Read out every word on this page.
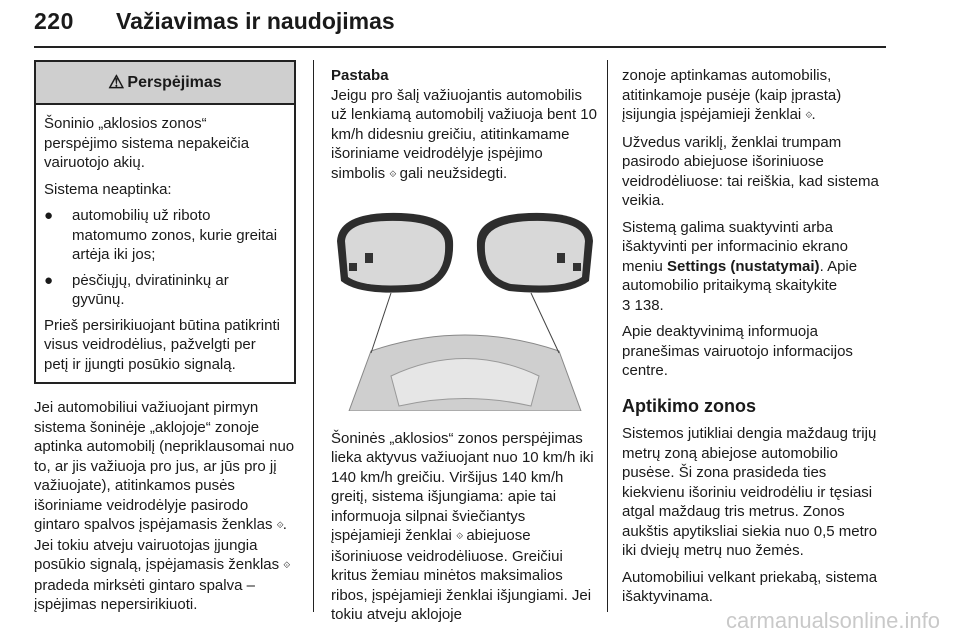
220 Važiavimas ir naudojimas
⚠ Perspėjimas

Šoninio „aklosios zonos“ perspėjimo sistema nepakeičia vairuotojo akių.

Sistema neaptinka:

● automobilių už riboto matomumo zonos, kurie greitai artėja iki jos;
● pėsčiųjų, dviratininkų ar gyvūnų.

Prieš persirikiuojant būtina patikrinti visus veidrodėlius, pažvelgti per petį ir įjungti posūkio signalą.

Jei automobiliui važiuojant pirmyn sistema šoninėje „aklojoje“ zonoje aptinka automobilį (nepriklausomai nuo to, ar jis važiuoja pro jus, ar jūs pro jį važiuojate), atitinkamos pusės išoriniame veidrodėlyje pasirodo gintaro spalvos įspėjamasis ženklas ⟐. Jei tokiu atveju vairuotojas įjungia posūkio signalą, įspėjamasis ženklas ⟐ pradeda mirksėti gintaro spalva – įspėjimas nepersirikiuoti.

Pastaba

Jeigu pro šalį važiuojantis automobilis už lenkiamą automobilį važiuoja bent 10 km/h didesniu greičiu, atitinkamame išoriniame veidrodėlyje įspėjimo simbolis ⟐ gali neužsidegti.

Šoninės „aklosios“ zonos perspėjimas lieka aktyvus važiuojant nuo 10 km/h iki 140 km/h greičiu. Viršijus 140 km/h greitį, sistema išjungiama: apie tai informuoja silpnai šviečiantys įspėjamieji ženklai ⟐ abiejuose išoriniuose veidrodėliuose. Greičiui kritus žemiau minėtos maksimalios ribos, įspėjamieji ženklai išjungiami. Jei tokiu atveju aklojoje

zonoje aptinkamas automobilis, atitinkamoje pusėje (kaip įprasta) įsijungia įspėjamieji ženklai ⟐.

Užvedus variklį, ženklai trumpam pasirodo abiejuose išoriniuose veidrodėliuose: tai reiškia, kad sistema veikia.

Sistemą galima suaktyvinti arba išaktyvinti per informacinio ekrano meniu Settings (nustatymai). Apie automobilio pritaikymą skaitykite
3 138.

Apie deaktyvinimą informuoja pranešimas vairuotojo informacijos centre.

Aptikimo zonos

Sistemos jutikliai dengia maždaug trijų metrų zoną abiejose automobilio pusėse. Ši zona prasideda ties kiekvienu išoriniu veidrodėliu ir tęsiasi atgal maždaug tris metrus. Zonos aukštis apytiksliai siekia nuo 0,5 metro iki dviejų metrų nuo žemės.

Automobiliui velkant priekabą, sistema išaktyvinama.

carmanualsonline.info
